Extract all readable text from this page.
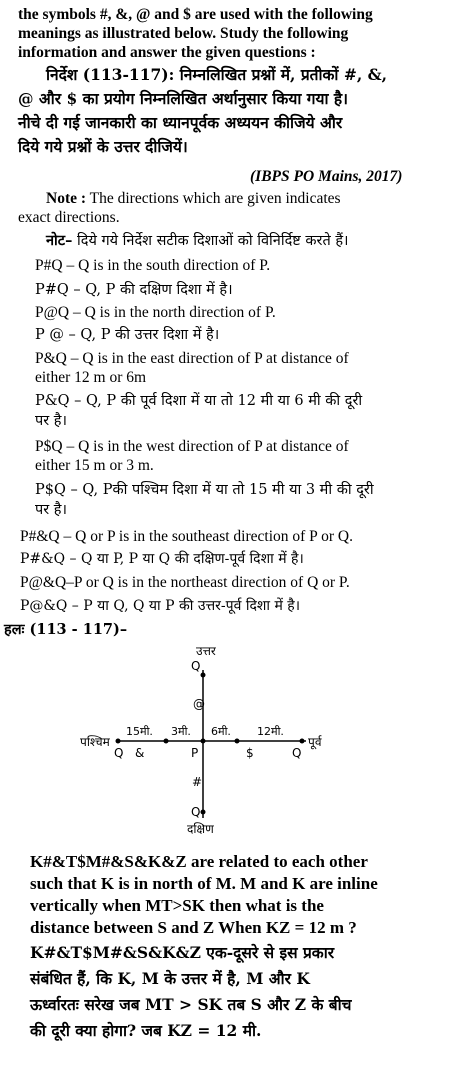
the symbols #, &, @ and $ are used with the following
meanings as illustrated below. Study the following
information and answer the given questions :
निर्देश (113-117): निम्नलिखित प्रश्नों में, प्रतीकों #, &,
@ और $ का प्रयोग निम्नलिखित अर्थानुसार किया गया है।
नीचे दी गई जानकारी का ध्यानपूर्वक अध्ययन कीजिये और
दिये गये प्रश्नों के उत्तर दीजियें।
(IBPS PO Mains, 2017)
Note : The directions which are given indicates
exact directions.
नोट– दिये गये निर्देश सटीक दिशाओं को विनिर्दिष्ट करते हैं।
P#Q – Q is in the south direction of P.
P#Q – Q, P की दक्षिण दिशा में है।
P@Q – Q is in the north direction of P.
P @ – Q, P की उत्तर दिशा में है।
P&Q – Q is in the east direction of P at distance of
either 12 m or 6m
P&Q – Q, P की पूर्व दिशा में या तो 12 मी या 6 मी की दूरी
पर है।
P$Q – Q is in the west direction of P at distance of
either 15 m or 3 m.
P$Q – Q, Pकी पश्चिम दिशा में या तो 15 मी या 3 मी की दूरी
पर है।
P#&Q – Q or P is in the southeast direction of P or Q.
P#&Q – Q या P, P या Q की दक्षिण-पूर्व दिशा में है।
P@&Q–P or Q is in the northeast direction of Q or P.
P@&Q – P या Q, Q या P की उत्तर-पूर्व दिशा में है।
हलः (113 - 117)–
उत्तर
Q
@
#
Q
दक्षिण
पश्चिम
Q &	P	$	Q
पूर्व
15मी. 3मी. 6मी. 12मी.
K#&T$M#&S&K&Z are related to each other
such that K is in north of M. M and K are inline
vertically when MT>SK then what is the
distance between S and Z When KZ = 12 m ?
K#&T$M#&S&K&Z एक-दूसरे से इस प्रकार
संबंधित हैं, कि K, M के उत्तर में है, M और K
ऊर्ध्वारतः सरेख जब MT > SK तब S और Z के बीच
की दूरी क्या होगा? जब KZ = 12 मी.
